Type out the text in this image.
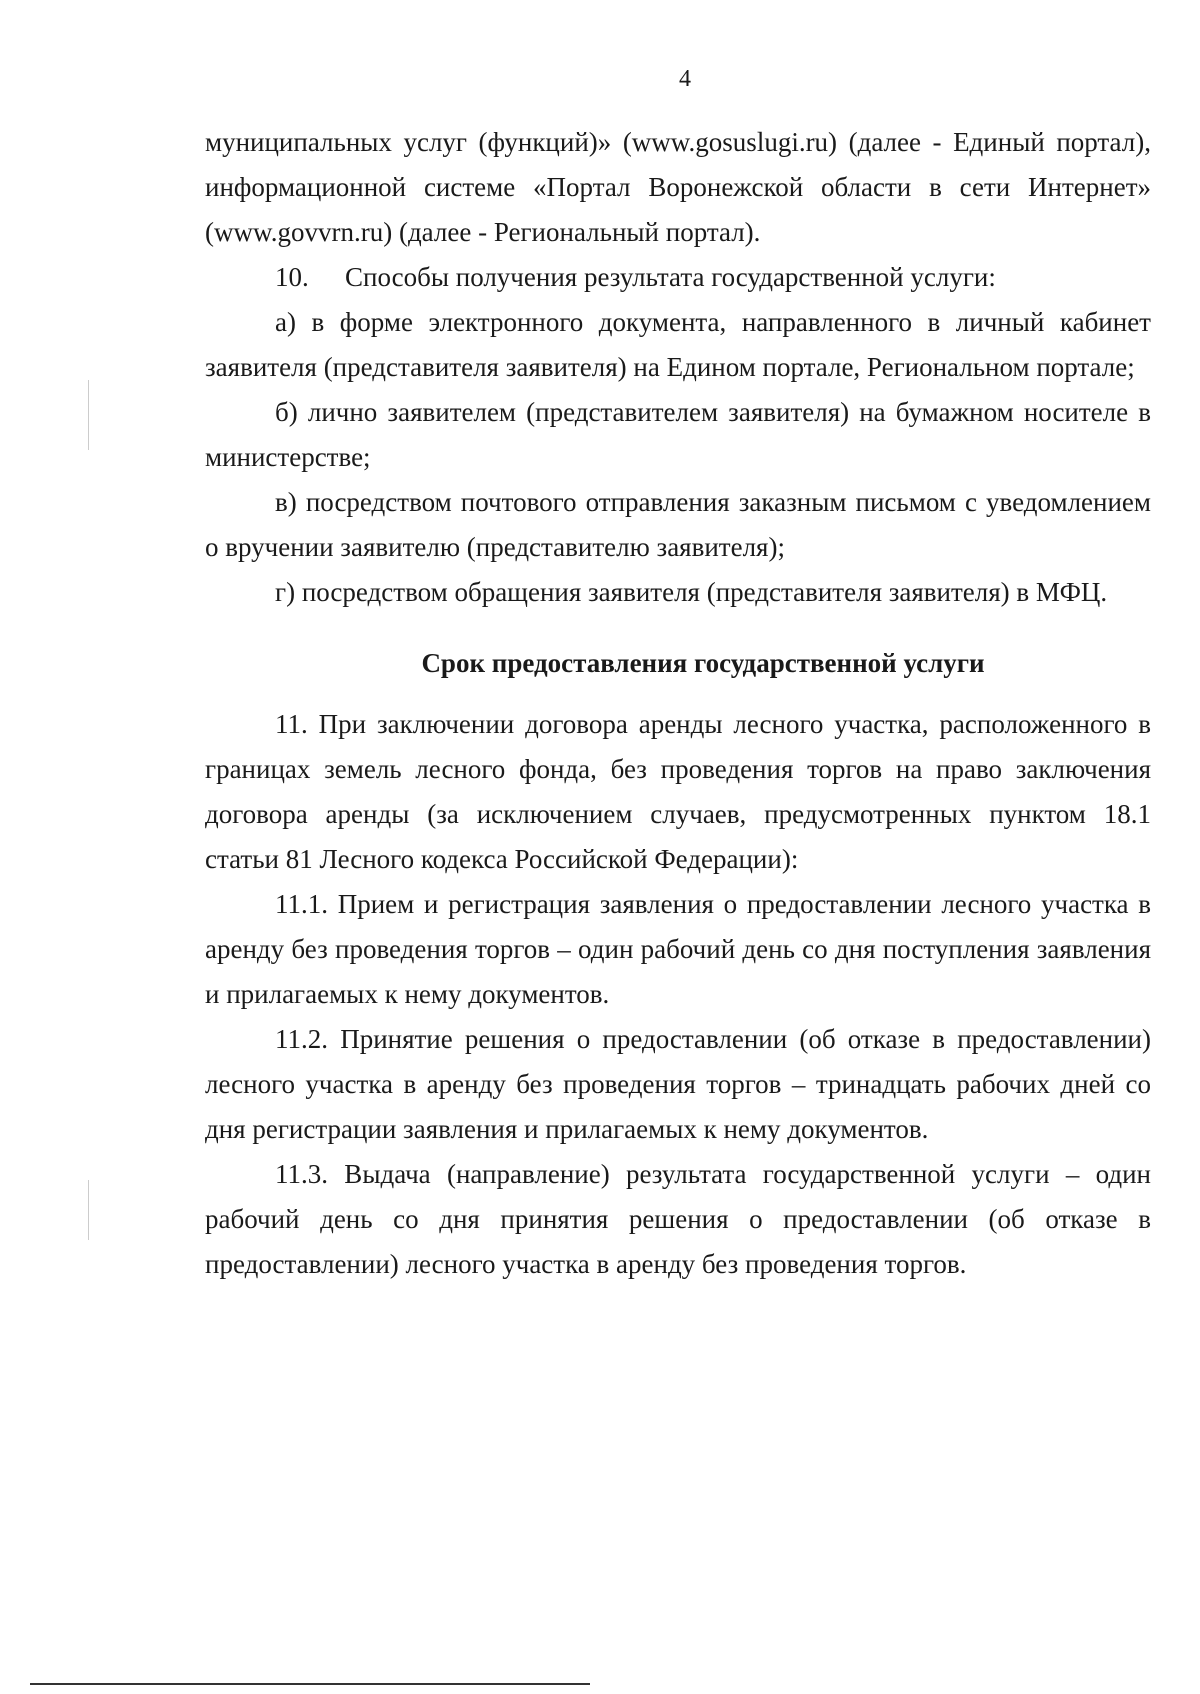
4

муниципальных услуг (функций)» (www.gosuslugi.ru) (далее - Единый портал), информационной системе «Портал Воронежской области в сети Интернет» (www.govvrn.ru) (далее - Региональный портал).

10. Способы получения результата государственной услуги:

а) в форме электронного документа, направленного в личный кабинет заявителя (представителя заявителя) на Едином портале, Региональном портале;

б) лично заявителем (представителем заявителя) на бумажном носителе в министерстве;

в) посредством почтового отправления заказным письмом с уведомлением о вручении заявителю (представителю заявителя);

г) посредством обращения заявителя (представителя заявителя) в МФЦ.

Срок предоставления государственной услуги

11. При заключении договора аренды лесного участка, расположенного в границах земель лесного фонда, без проведения торгов на право заключения договора аренды (за исключением случаев, предусмотренных пунктом 18.1 статьи 81 Лесного кодекса Российской Федерации):

11.1. Прием и регистрация заявления о предоставлении лесного участка в аренду без проведения торгов – один рабочий день со дня поступления заявления и прилагаемых к нему документов.

11.2. Принятие решения о предоставлении (об отказе в предоставлении) лесного участка в аренду без проведения торгов – тринадцать рабочих дней со дня регистрации заявления и прилагаемых к нему документов.

11.3. Выдача (направление) результата государственной услуги – один рабочий день со дня принятия решения о предоставлении (об отказе в предоставлении) лесного участка в аренду без проведения торгов.
